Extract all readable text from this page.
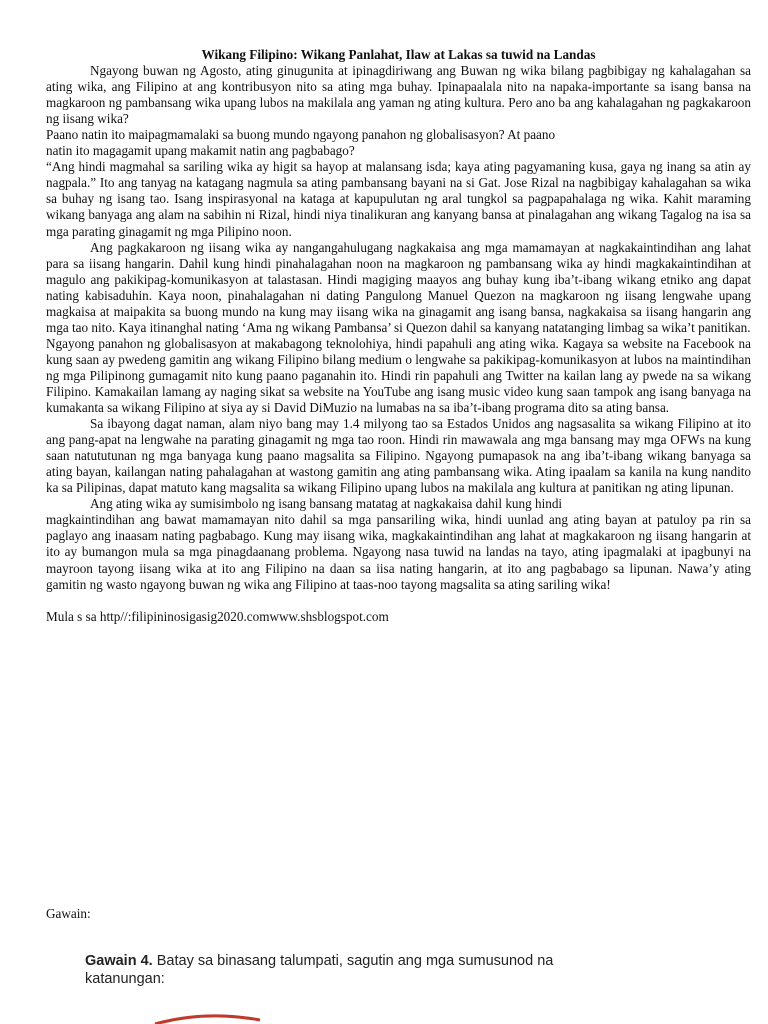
Wikang Filipino: Wikang Panlahat, Ilaw at Lakas sa tuwid na Landas

Ngayong buwan ng Agosto, ating ginugunita at ipinagdiriwang ang Buwan ng wika bilang pagbibigay ng kahalagahan sa ating wika, ang Filipino at ang kontribusyon nito sa ating mga buhay. Ipinapaalala nito na napaka-importante sa isang bansa na magkaroon ng pambansang wika upang lubos na makilala ang yaman ng ating kultura. Pero ano ba ang kahalagahan ng pagkakaroon ng iisang wika?

Paano natin ito maipagmamalaki sa buong mundo ngayong panahon ng globalisasyon? At paano

natin ito magagamit upang makamit natin ang pagbabago?

“Ang hindi magmahal sa sariling wika ay higit sa hayop at malansang isda; kaya ating pagyamaning kusa, gaya ng inang sa atin ay nagpala.” Ito ang tanyag na katagang nagmula sa ating pambansang bayani na si Gat. Jose Rizal na nagbibigay kahalagahan sa wika sa buhay ng isang tao. Isang inspirasyonal na kataga at kapupulutan ng aral tungkol sa pagpapahalaga ng wika. Kahit maraming wikang banyaga ang alam na sabihin ni Rizal, hindi niya tinalikuran ang kanyang bansa at pinalagahan ang wikang Tagalog na isa sa mga parating ginagamit ng mga Pilipino noon.

Ang pagkakaroon ng iisang wika ay nangangahulugang nagkakaisa ang mga mamamayan at nagkakaintindihan ang lahat para sa iisang hangarin. Dahil kung hindi pinahalagahan noon na magkaroon ng pambansang wika ay hindi magkakaintindihan at magulo ang pakikipag-komunikasyon at talastasan. Hindi magiging maayos ang buhay kung iba’t-ibang wikang etniko ang dapat nating kabisaduhin. Kaya noon, pinahalagahan ni dating Pangulong Manuel Quezon na magkaroon ng iisang lengwahe upang magkaisa at maipakita sa buong mundo na kung may iisang wika na ginagamit ang isang bansa, nagkakaisa sa iisang hangarin ang mga tao nito. Kaya itinanghal nating ‘Ama ng wikang Pambansa’ si Quezon dahil sa kanyang natatanging limbag sa wika’t panitikan.

Ngayong panahon ng globalisasyon at makabagong teknolohiya, hindi papahuli ang ating wika. Kagaya sa website na Facebook na kung saan ay pwedeng gamitin ang wikang Filipino bilang medium o lengwahe sa pakikipag-komunikasyon at lubos na maintindihan ng mga Pilipinong gumagamit nito kung paano paganahin ito. Hindi rin papahuli ang Twitter na kailan lang ay pwede na sa wikang Filipino. Kamakailan lamang ay naging sikat sa website na YouTube ang isang music video kung saan tampok ang isang banyaga na kumakanta sa wikang Filipino at siya ay si David DiMuzio na lumabas na sa iba’t-ibang programa dito sa ating bansa.

Sa ibayong dagat naman, alam niyo bang may 1.4 milyong tao sa Estados Unidos ang nagsasalita sa wikang Filipino at ito ang pang-apat na lengwahe na parating ginagamit ng mga tao roon. Hindi rin mawawala ang mga bansang may mga OFWs na kung saan natututunan ng mga banyaga kung paano magsalita sa Filipino. Ngayong pumapasok na ang iba’t-ibang wikang banyaga sa ating bayan, kailangan nating pahalagahan at wastong gamitin ang ating pambansang wika. Ating ipaalam sa kanila na kung nandito ka sa Pilipinas, dapat matuto kang magsalita sa wikang Filipino upang lubos na makilala ang kultura at panitikan ng ating lipunan.

Ang ating wika ay sumisimbolo ng isang bansang matatag at nagkakaisa dahil kung hindi

magkaintindihan ang bawat mamamayan nito dahil sa mga pansariling wika, hindi uunlad ang ating bayan at patuloy pa rin sa paglayo ang inaasam nating pagbabago. Kung may iisang wika, magkakaintindihan ang lahat at magkakaroon ng iisang hangarin at ito ay bumangon mula sa mga pinagdaanang problema. Ngayong nasa tuwid na landas na tayo, ating ipagmalaki at ipagbunyi na mayroon tayong iisang wika at ito ang Filipino na daan sa iisa nating hangarin, at ito ang pagbabago sa lipunan. Nawa’y ating gamitin ng wasto ngayong buwan ng wika ang Filipino at taas-noo tayong magsalita sa ating sariling wika!

Mula s sa http//:filipininosigasig2020.comwww.shsblogspot.com

Gawain:
Gawain 4. Batay sa binasang talumpati, sagutin ang mga sumusunod na katanungan:
